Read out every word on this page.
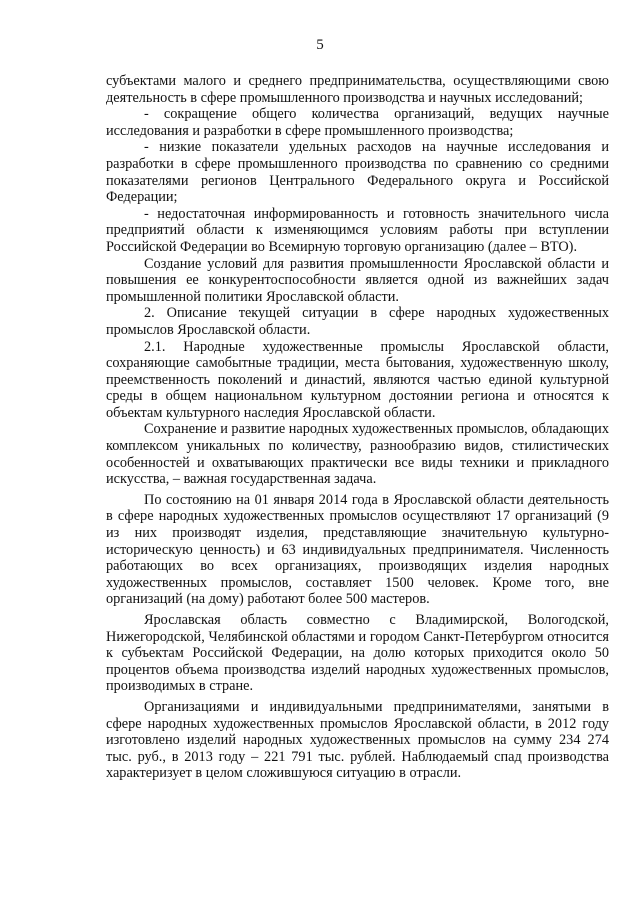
5

субъектами малого и среднего предпринимательства, осуществляющими свою деятельность в сфере промышленного производства и научных исследований;

- сокращение общего количества организаций, ведущих научные исследования и разработки в сфере промышленного производства;

- низкие показатели удельных расходов на научные исследования и разработки в сфере промышленного производства по сравнению со средними показателями регионов Центрального Федерального округа и Российской Федерации;

- недостаточная информированность и готовность значительного числа предприятий области к изменяющимся условиям работы при вступлении Российской Федерации во Всемирную торговую организацию (далее – ВТО).

Создание условий для развития промышленности Ярославской области и повышения ее конкурентоспособности является одной из важнейших задач промышленной политики Ярославской области.

2. Описание текущей ситуации в сфере народных художественных промыслов Ярославской области.

2.1. Народные художественные промыслы Ярославской области, сохраняющие самобытные традиции, места бытования, художественную школу, преемственность поколений и династий, являются частью единой культурной среды в общем национальном культурном достоянии региона и относятся к объектам культурного наследия Ярославской области.

Сохранение и развитие народных художественных промыслов, обладающих комплексом уникальных по количеству, разнообразию видов, стилистических особенностей и охватывающих практически все виды техники и прикладного искусства, – важная государственная задача.

По состоянию на 01 января 2014 года в Ярославской области деятельность в сфере народных художественных промыслов осуществляют 17 организаций (9 из них производят изделия, представляющие значительную культурно-историческую ценность) и 63 индивидуальных предпринимателя. Численность работающих во всех организациях, производящих изделия народных художественных промыслов, составляет 1500 человек. Кроме того, вне организаций (на дому) работают более 500 мастеров.

Ярославская область совместно с Владимирской, Вологодской, Нижегородской, Челябинской областями и городом Санкт-Петербургом относится к субъектам Российской Федерации, на долю которых приходится около 50 процентов объема производства изделий народных художественных промыслов, производимых в стране.

Организациями и индивидуальными предпринимателями, занятыми в сфере народных художественных промыслов Ярославской области, в 2012 году изготовлено изделий народных художественных промыслов на сумму 234 274 тыс. руб., в 2013 году – 221 791 тыс. рублей. Наблюдаемый спад производства характеризует в целом сложившуюся ситуацию в отрасли.
